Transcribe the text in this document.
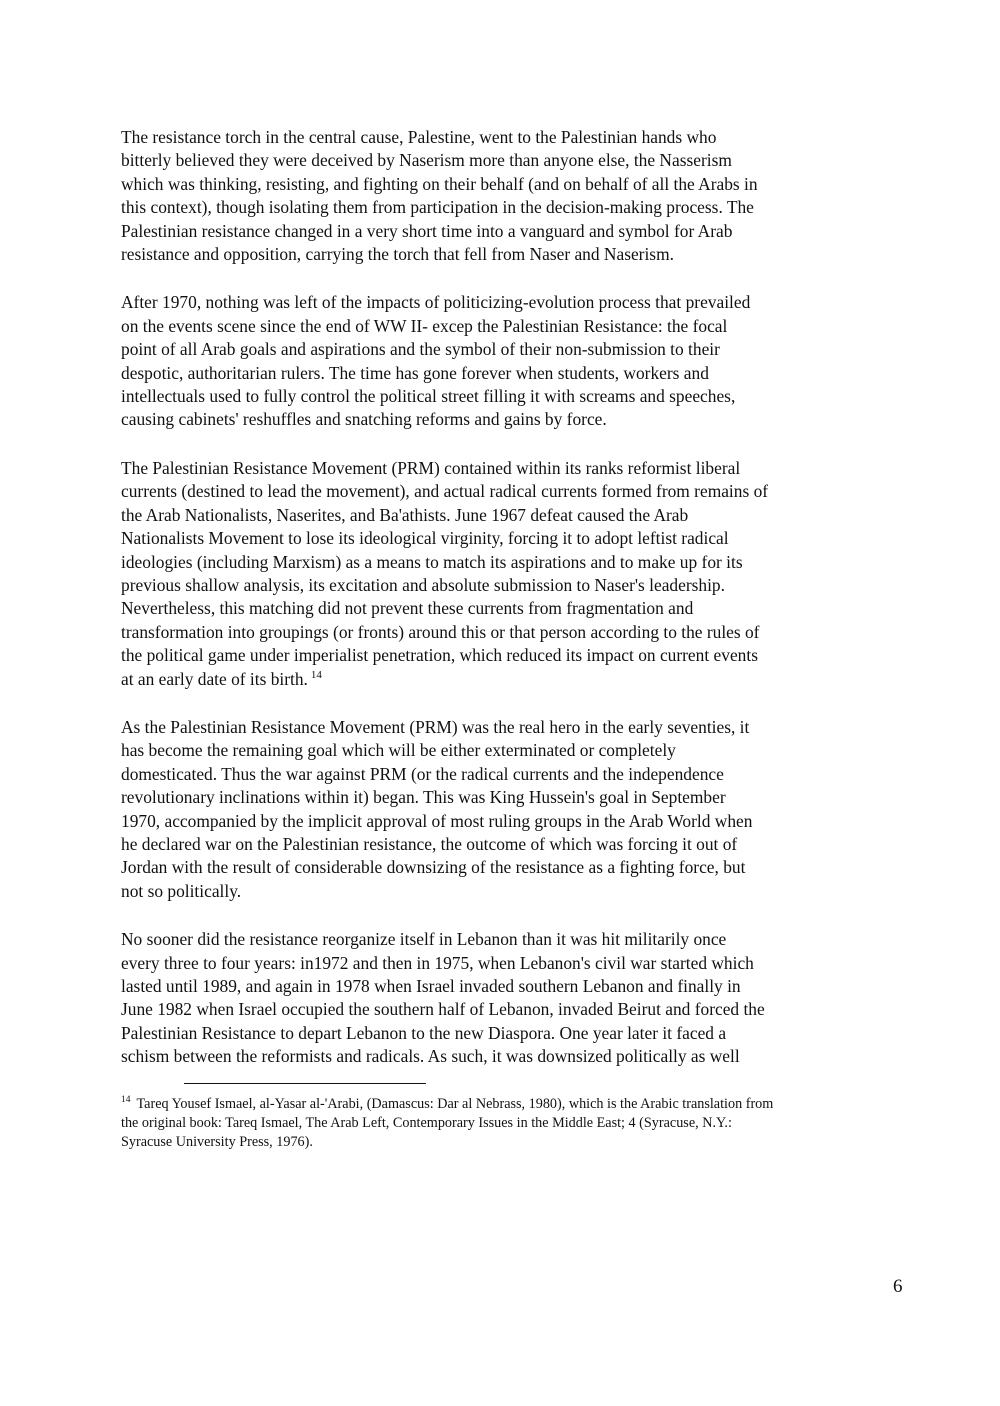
The resistance torch in the central cause, Palestine, went to the Palestinian hands who
bitterly believed they were deceived by Naserism more than anyone else, the Nasserism
which was thinking, resisting, and fighting on their behalf (and on behalf of all the Arabs in
this context), though isolating them from participation in the decision-making process. The
Palestinian resistance changed in a very short time into a vanguard and symbol for Arab
resistance and opposition, carrying the torch that fell from Naser and Naserism.

After 1970, nothing was left of the impacts of politicizing-evolution process that prevailed
on the events scene since the end of WW II- excep the Palestinian Resistance: the focal
point of all Arab goals and aspirations and the symbol of their non-submission to their
despotic, authoritarian rulers. The time has gone forever when students, workers and
intellectuals used to fully control the political street filling it with screams and speeches,
causing cabinets' reshuffles and snatching reforms and gains by force.

The Palestinian Resistance Movement (PRM) contained within its ranks reformist liberal
currents (destined to lead the movement), and actual radical currents formed from remains of
the Arab Nationalists, Naserites, and Ba'athists. June 1967 defeat caused the Arab
Nationalists Movement to lose its ideological virginity, forcing it to adopt leftist radical
ideologies (including Marxism) as a means to match its aspirations and to make up for its
previous shallow analysis, its excitation and absolute submission to Naser's leadership.
Nevertheless, this matching did not prevent these currents from fragmentation and
transformation into groupings (or fronts) around this or that person according to the rules of
the political game under imperialist penetration, which reduced its impact on current events
at an early date of its birth. $^{14}$

As the Palestinian Resistance Movement (PRM) was the real hero in the early seventies, it
has become the remaining goal which will be either exterminated or completely
domesticated. Thus the war against PRM (or the radical currents and the independence
revolutionary inclinations within it) began. This was King Hussein's goal in September
1970, accompanied by the implicit approval of most ruling groups in the Arab World when
he declared war on the Palestinian resistance, the outcome of which was forcing it out of
Jordan with the result of considerable downsizing of the resistance as a fighting force, but
not so politically.

No sooner did the resistance reorganize itself in Lebanon than it was hit militarily once
every three to four years: in1972 and then in 1975, when Lebanon's civil war started which
lasted until 1989, and again in 1978 when Israel invaded southern Lebanon and finally in
June 1982 when Israel occupied the southern half of Lebanon, invaded Beirut and forced the
Palestinian Resistance to depart Lebanon to the new Diaspora. One year later it faced a
schism between the reformists and radicals. As such, it was downsized politically as well

$^{14}$ Tareq Yousef Ismael, al-Yasar al-'Arabi, (Damascus: Dar al Nebrass, 1980), which is the Arabic translation from
the original book: Tareq Ismael, The Arab Left, Contemporary Issues in the Middle East; 4 (Syracuse, N.Y.:
Syracuse University Press, 1976).

6
